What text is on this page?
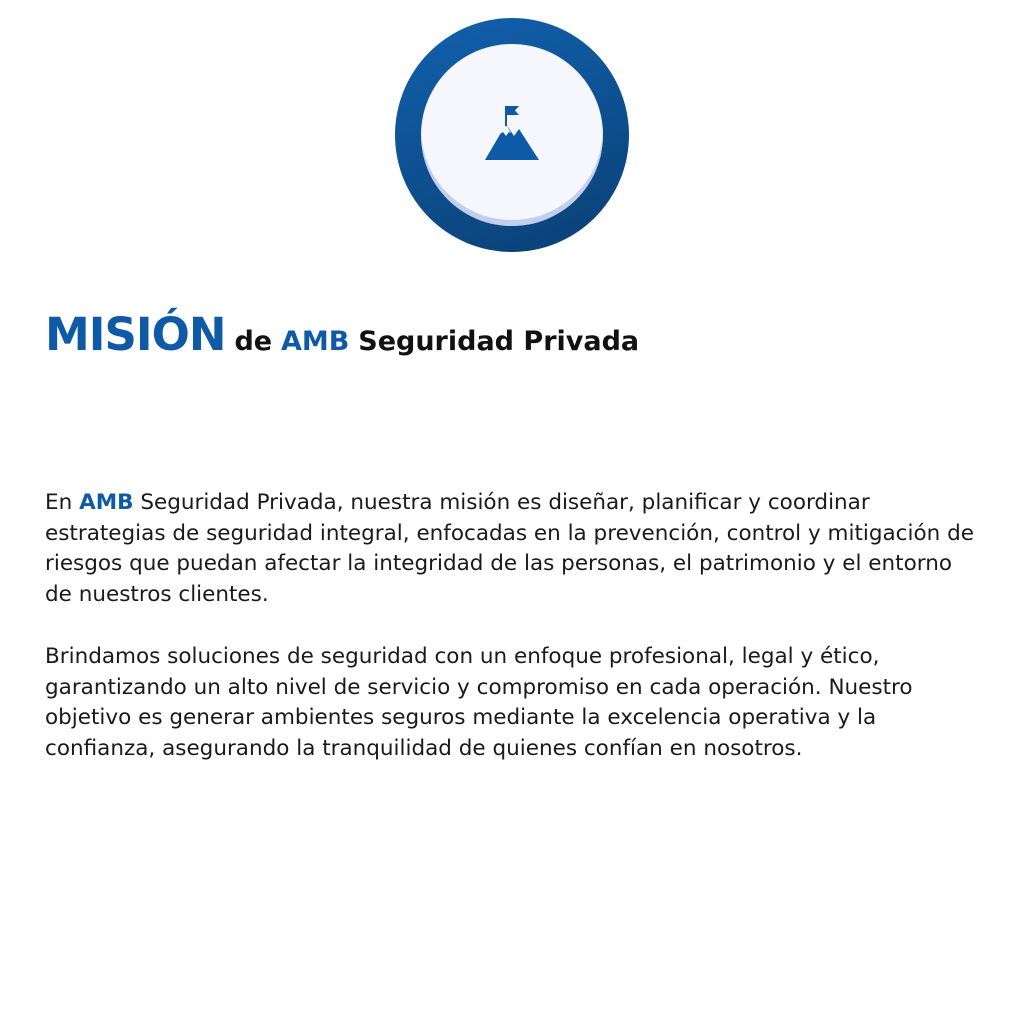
MISIÓN de AMB Seguridad Privada

En AMB Seguridad Privada, nuestra misión es diseñar, planificar y coordinar estrategias de seguridad integral, enfocadas en la prevención, control y mitigación de riesgos que puedan afectar la integridad de las personas, el patrimonio y el entorno de nuestros clientes.

Brindamos soluciones de seguridad con un enfoque profesional, legal y ético, garantizando un alto nivel de servicio y compromiso en cada operación. Nuestro objetivo es generar ambientes seguros mediante la excelencia operativa y la confianza, asegurando la tranquilidad de quienes confían en nosotros.
